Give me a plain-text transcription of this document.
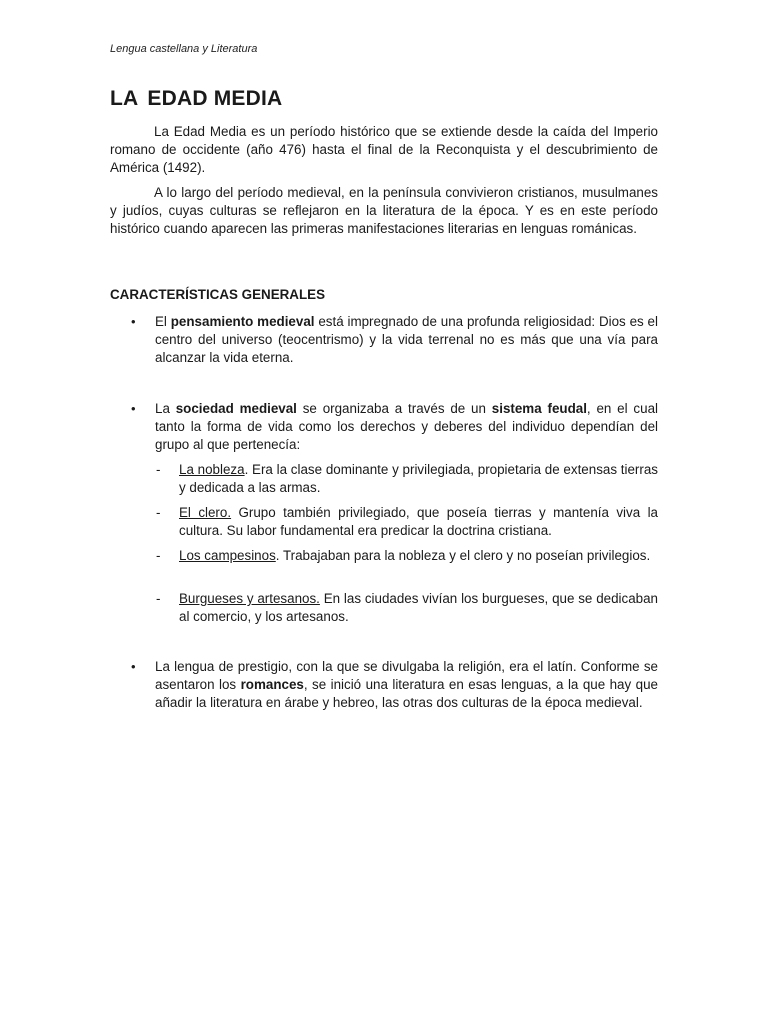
Lengua castellana y Literatura
LA EDAD MEDIA

La Edad Media es un período histórico que se extiende desde la caída del Imperio romano de occidente (año 476) hasta el final de la Reconquista y el descubrimiento de América (1492).

A lo largo del período medieval, en la península convivieron cristianos, musulmanes y judíos, cuyas culturas se reflejaron en la literatura de la época. Y es en este período histórico cuando aparecen las primeras manifestaciones literarias en lenguas románicas.

CARACTERÍSTICAS GENERALES
• El pensamiento medieval está impregnado de una profunda religiosidad: Dios es el centro del universo (teocentrismo) y la vida terrenal no es más que una vía para alcanzar la vida eterna.

• La sociedad medieval se organizaba a través de un sistema feudal, en el cual tanto la forma de vida como los derechos y deberes del individuo dependían del grupo al que pertenecía:

- La nobleza. Era la clase dominante y privilegiada, propietaria de extensas tierras y dedicada a las armas.

- El clero. Grupo también privilegiado, que poseía tierras y mantenía viva la cultura. Su labor fundamental era predicar la doctrina cristiana.

- Los campesinos. Trabajaban para la nobleza y el clero y no poseían privilegios.

- Burgueses y artesanos. En las ciudades vivían los burgueses, que se dedicaban al comercio, y los artesanos.

• La lengua de prestigio, con la que se divulgaba la religión, era el latín. Conforme se asentaron los romances, se inició una literatura en esas lenguas, a la que hay que añadir la literatura en árabe y hebreo, las otras dos culturas de la época medieval.
